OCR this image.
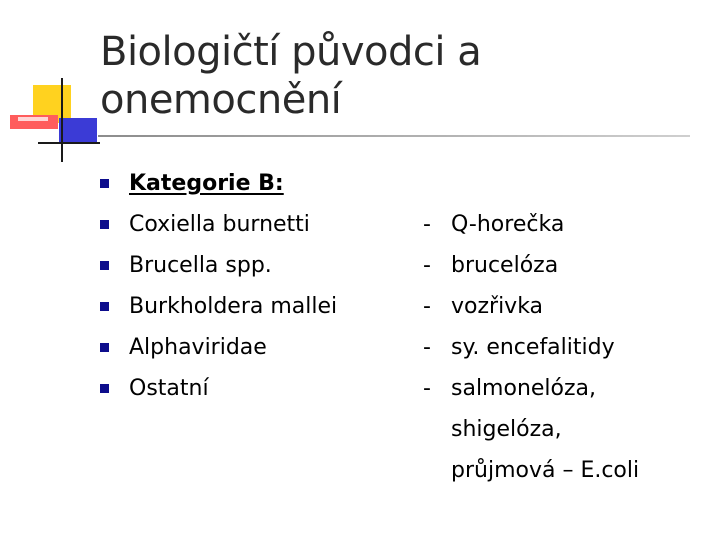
Biologičtí původci a
onemocnění
Kategorie B:
Coxiella burnetti
Brucella spp.
Burkholdera mallei
Alphaviridae
Ostatní
- Q-horečka
- brucelóza
- vozřivka
- sy. encefalitidy
- salmonelóza,
shigelóza,
průjmová – E.coli
